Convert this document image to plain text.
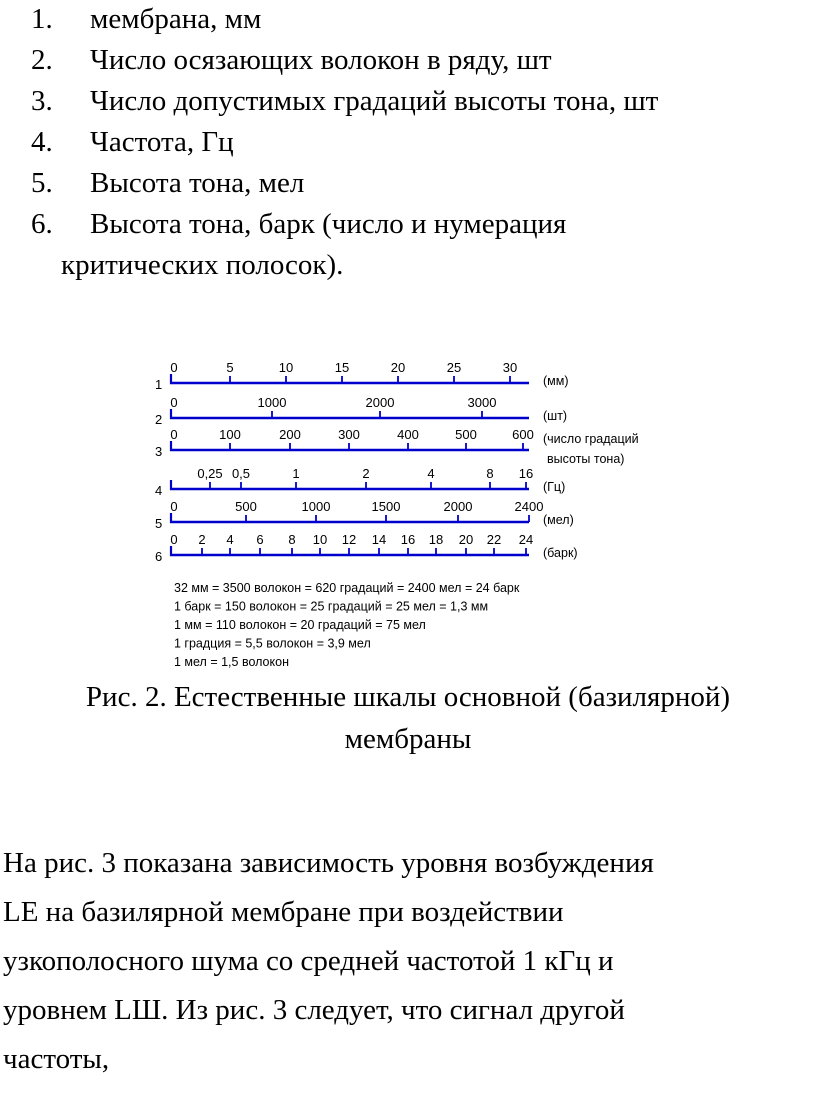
1. мембрана, мм
2. Число осязающих волокон в ряду, шт
3. Число допустимых градаций высоты тона, шт
4. Частота, Гц
5. Высота тона, мел
6. Высота тона, барк (число и нумерация
критических полосок).
1
0	5	10	15	20	25	30
(мм)
2
0	1000	2000	3000
(шт)
3
0	100	200	300	400	500	600 (число градаций
высоты тона)
4
0,25 0,5	1	2	4	8 16
(Гц)
5
0	500	1000	1500	2000	2400
(мел)
6
0 2 4 6 8 10 12 14 16 18 20 22 24
(барк)
32 мм = 3500 волокон = 620 градаций = 2400 мел = 24 барк
1 барк = 150 волокон = 25 градаций = 25 мел = 1,3 мм
1 мм = 110 волокон = 20 градаций = 75 мел
1 градция = 5,5 волокон = 3,9 мел
1 мел = 1,5 волокон
Рис. 2. Естественные шкалы основной (базилярной)
мембраны
На рис. 3 показана зависимость уровня возбуждения
LE на базилярной мембране при воздействии
узкополосного шума со средней частотой 1 кГц и
уровнем LШ. Из рис. 3 следует, что сигнал другой
частоты,
